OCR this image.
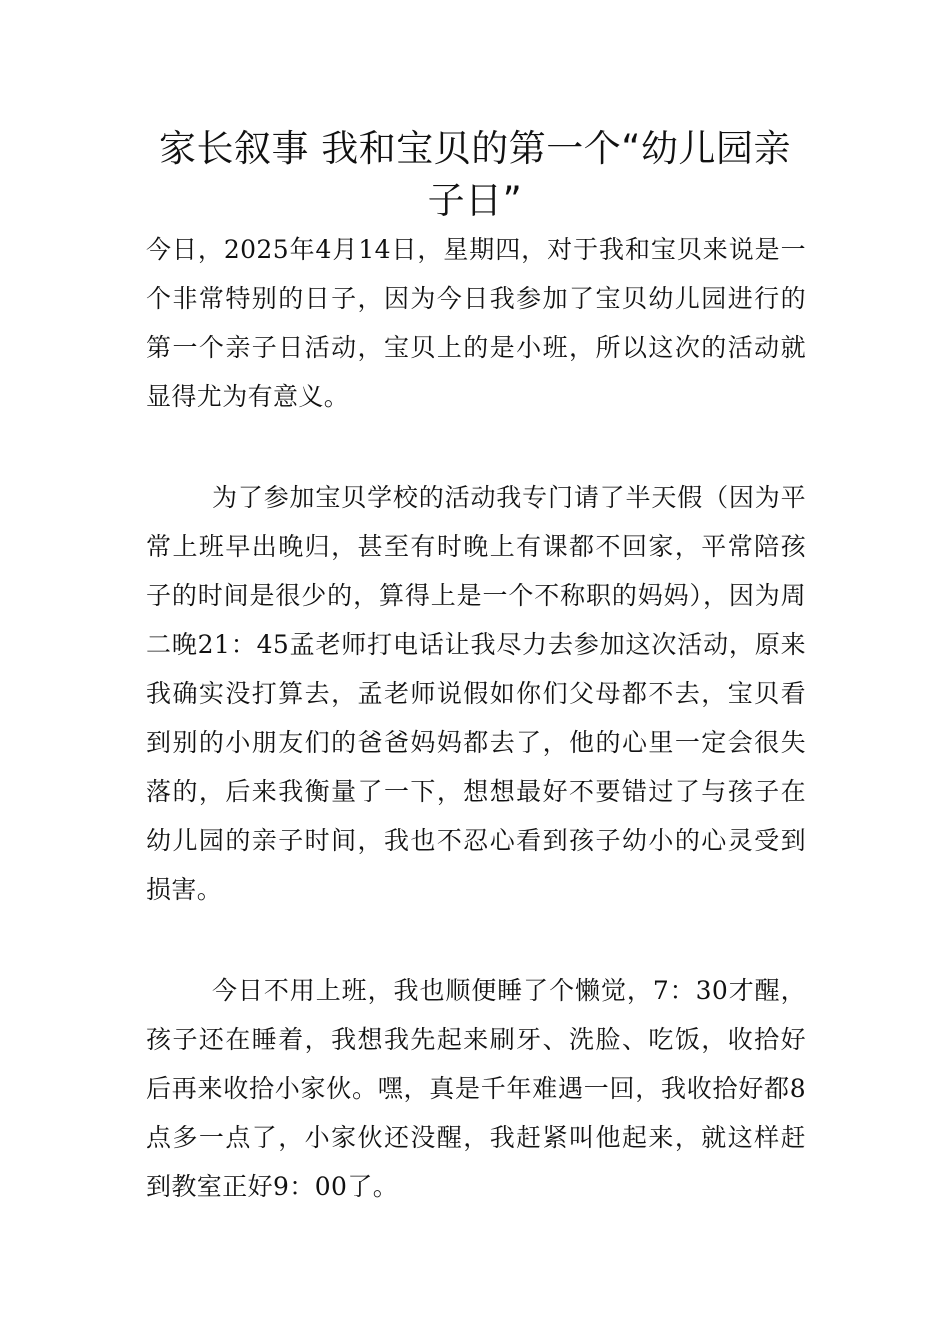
家长叙事 我和宝贝的第一个“幼儿园亲子日”

今日，2025年4月14日，星期四，对于我和宝贝来说是一个非常特别的日子，因为今日我参加了宝贝幼儿园进行的第一个亲子日活动，宝贝上的是小班，所以这次的活动就显得尤为有意义。

为了参加宝贝学校的活动我专门请了半天假（因为平常上班早出晚归，甚至有时晚上有课都不回家，平常陪孩子的时间是很少的，算得上是一个不称职的妈妈），因为周二晚21：45孟老师打电话让我尽力去参加这次活动，原来我确实没打算去，孟老师说假如你们父母都不去，宝贝看到别的小朋友们的爸爸妈妈都去了，他的心里一定会很失落的，后来我衡量了一下，想想最好不要错过了与孩子在幼儿园的亲子时间，我也不忍心看到孩子幼小的心灵受到损害。

今日不用上班，我也顺便睡了个懒觉，7：30才醒，孩子还在睡着，我想我先起来刷牙、洗脸、吃饭，收拾好后再来收拾小家伙。嘿，真是千年难遇一回，我收拾好都8点多一点了，小家伙还没醒，我赶紧叫他起来，就这样赶到教室正好9：00了。
